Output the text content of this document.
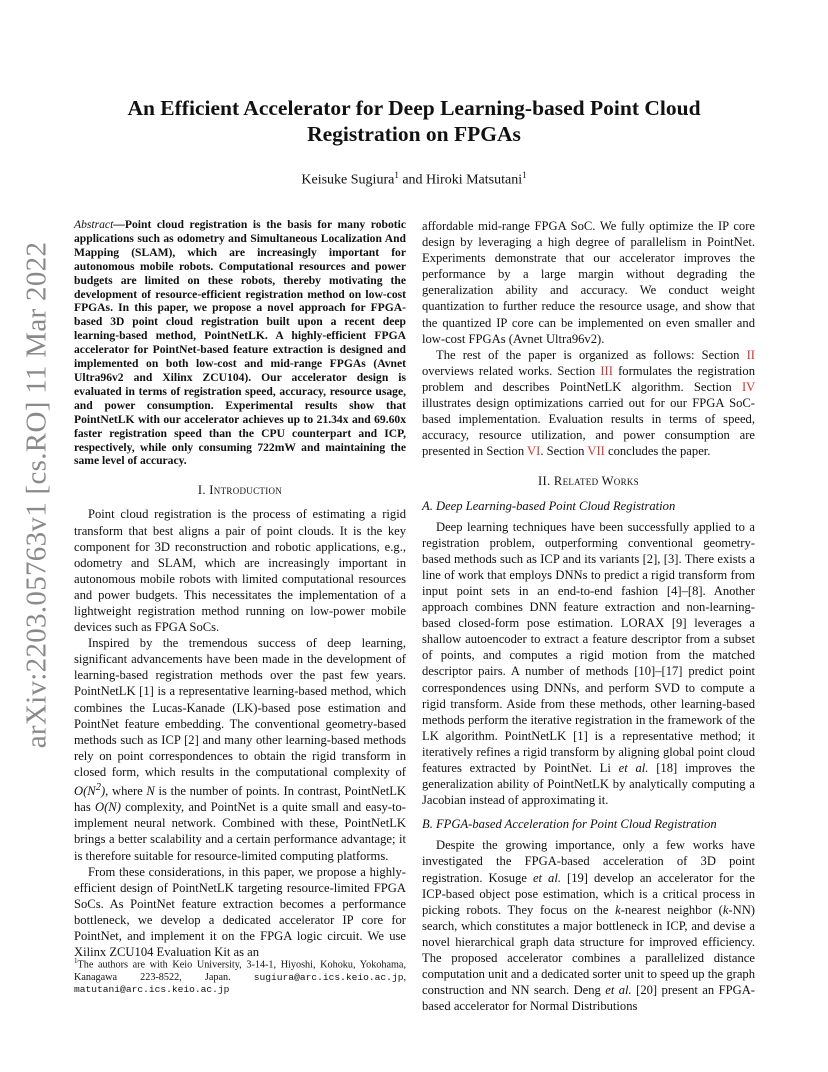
arXiv:2203.05763v1 [cs.RO] 11 Mar 2022
An Efficient Accelerator for Deep Learning-based Point Cloud Registration on FPGAs
Keisuke Sugiura$^1$ and Hiroki Matsutani$^1$

Abstract—Point cloud registration is the basis for many robotic applications such as odometry and Simultaneous Localization And Mapping (SLAM), which are increasingly important for autonomous mobile robots. Computational resources and power budgets are limited on these robots, thereby motivating the development of resource-efficient registration method on low-cost FPGAs. In this paper, we propose a novel approach for FPGA-based 3D point cloud registration built upon a recent deep learning-based method, PointNetLK. A highly-efficient FPGA accelerator for PointNet-based feature extraction is designed and implemented on both low-cost and mid-range FPGAs (Avnet Ultra96v2 and Xilinx ZCU104). Our accelerator design is evaluated in terms of registration speed, accuracy, resource usage, and power consumption. Experimental results show that PointNetLK with our accelerator achieves up to 21.34x and 69.60x faster registration speed than the CPU counterpart and ICP, respectively, while only consuming 722mW and maintaining the same level of accuracy.

I. Introduction

Point cloud registration is the process of estimating a rigid transform that best aligns a pair of point clouds. It is the key component for 3D reconstruction and robotic applications, e.g., odometry and SLAM, which are increasingly important in autonomous mobile robots with limited computational resources and power budgets. This necessitates the implementation of a lightweight registration method running on low-power mobile devices such as FPGA SoCs.

Inspired by the tremendous success of deep learning, significant advancements have been made in the development of learning-based registration methods over the past few years. PointNetLK [1] is a representative learning-based method, which combines the Lucas-Kanade (LK)-based pose estimation and PointNet feature embedding. The conventional geometry-based methods such as ICP [2] and many other learning-based methods rely on point correspondences to obtain the rigid transform in closed form, which results in the computational complexity of $O(N^2)$, where N is the number of points. In contrast, PointNetLK has O(N) complexity, and PointNet is a quite small and easy-to-implement neural network. Combined with these, PointNetLK brings a better scalability and a certain performance advantage; it is therefore suitable for resource-limited computing platforms.

From these considerations, in this paper, we propose a highly-efficient design of PointNetLK targeting resource-limited FPGA SoCs. As PointNet feature extraction becomes a performance bottleneck, we develop a dedicated accelerator IP core for PointNet, and implement it on the FPGA logic circuit. We use Xilinx ZCU104 Evaluation Kit as an

$^1$The authors are with Keio University, 3-14-1, Hiyoshi, Kohoku, Yokohama, Kanagawa 223-8522, Japan. sugiura@arc.ics.keio.ac.jp, matutani@arc.ics.keio.ac.jp

affordable mid-range FPGA SoC. We fully optimize the IP core design by leveraging a high degree of parallelism in PointNet. Experiments demonstrate that our accelerator improves the performance by a large margin without degrading the generalization ability and accuracy. We conduct weight quantization to further reduce the resource usage, and show that the quantized IP core can be implemented on even smaller and low-cost FPGAs (Avnet Ultra96v2).

The rest of the paper is organized as follows: Section II overviews related works. Section III formulates the registration problem and describes PointNetLK algorithm. Section IV illustrates design optimizations carried out for our FPGA SoC-based implementation. Evaluation results in terms of speed, accuracy, resource utilization, and power consumption are presented in Section VI. Section VII concludes the paper.

II. Related Works
A. Deep Learning-based Point Cloud Registration

Deep learning techniques have been successfully applied to a registration problem, outperforming conventional geometry-based methods such as ICP and its variants [2], [3]. There exists a line of work that employs DNNs to predict a rigid transform from input point sets in an end-to-end fashion [4]–[8]. Another approach combines DNN feature extraction and non-learning-based closed-form pose estimation. LORAX [9] leverages a shallow autoencoder to extract a feature descriptor from a subset of points, and computes a rigid motion from the matched descriptor pairs. A number of methods [10]–[17] predict point correspondences using DNNs, and perform SVD to compute a rigid transform. Aside from these methods, other learning-based methods perform the iterative registration in the framework of the LK algorithm. PointNetLK [1] is a representative method; it iteratively refines a rigid transform by aligning global point cloud features extracted by PointNet. Li et al. [18] improves the generalization ability of PointNetLK by analytically computing a Jacobian instead of approximating it.

B. FPGA-based Acceleration for Point Cloud Registration

Despite the growing importance, only a few works have investigated the FPGA-based acceleration of 3D point registration. Kosuge et al. [19] develop an accelerator for the ICP-based object pose estimation, which is a critical process in picking robots. They focus on the k-nearest neighbor (k-NN) search, which constitutes a major bottleneck in ICP, and devise a novel hierarchical graph data structure for improved efficiency. The proposed accelerator combines a parallelized distance computation unit and a dedicated sorter unit to speed up the graph construction and NN search. Deng et al. [20] present an FPGA-based accelerator for Normal Distributions
